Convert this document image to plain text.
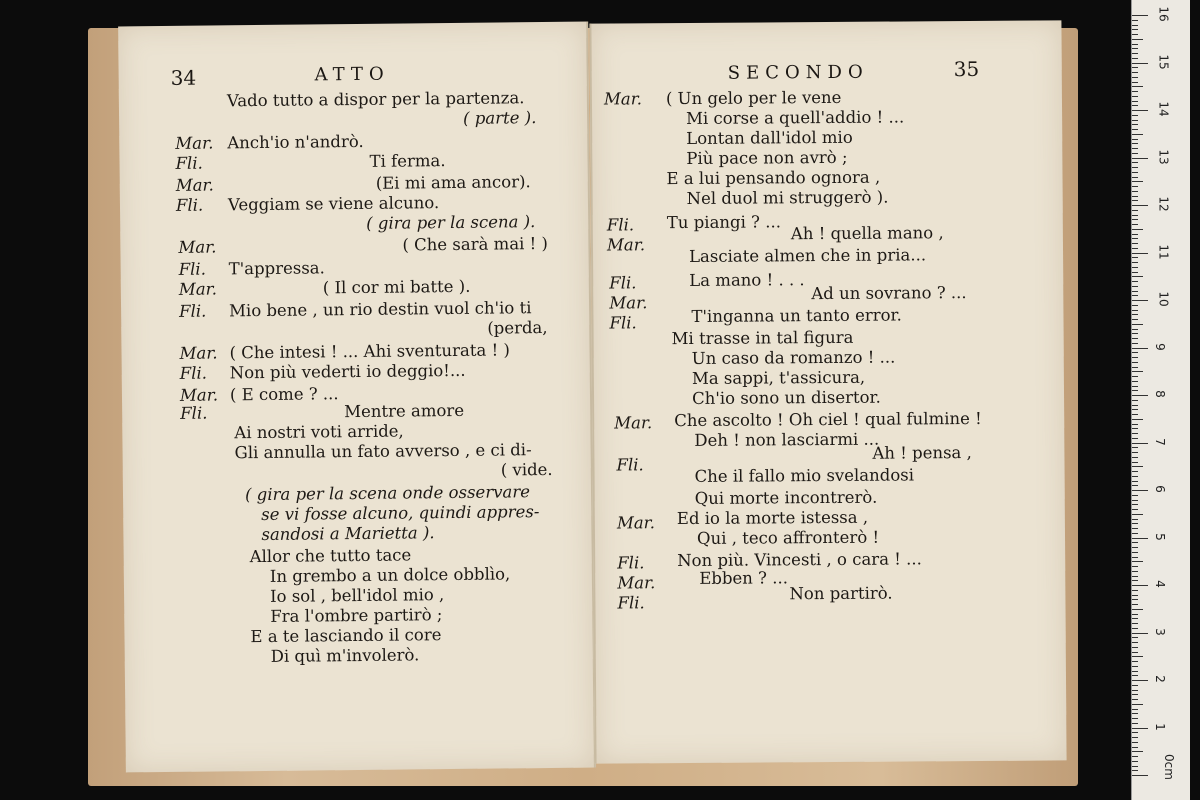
34	ATTO
Vado tutto a dispor per la partenza.
( parte ).
Mar. Anch'io n'andrò.
Fli.	Ti ferma.
Mar.	(Ei mi ama ancor).
Fli. Veggiam se viene alcuno.
( gira per la scena ).
Mar.	( Che sarà mai ! )
Fli. T'appressa.
Mar.	( Il cor mi batte ).
Fli. Mio bene , un rio destin vuol ch'io ti
(perda,
Mar. ( Che intesi ! ... Ahi sventurata ! )
Fli. Non più vederti io deggio!...
Mar. ( E come ? ...
Fli.	Mentre amore
Ai nostri voti arride,
Gli annulla un fato avverso , e ci di-
( vide.
( gira per la scena onde osservare
se vi fosse alcuno, quindi appres-
sandosi a Marietta ).
Allor che tutto tace
In grembo a un dolce obblìo,
Io sol , bell'idol mio ,
Fra l'ombre partirò ;
E a te lasciando il core
Di quì m'involerò.
SECONDO	35
Mar. ( Un gelo per le vene
Mi corse a quell'addio ! ...
Lontan dall'idol mio
Più pace non avrò ;
E a lui pensando ognora ,
Nel duol mi struggerò ).
Fli. Tu piangi ? ...
Mar.
Ah ! quella mano ,
Lasciate almen che in pria...
Fli.	La mano ! . . .
Mar.	Ad un sovrano ? ...
Fli.	T'inganna un tanto error.
Mi trasse in tal figura
Un caso da romanzo ! ...
Ma sappi, t'assicura,
Ch'io sono un disertor.
Mar. Che ascolto ! Oh ciel ! qual fulmine !
Deh ! non lasciarmi ...
Fli.
Ah ! pensa ,
Che il fallo mio svelandosi
Qui morte incontrerò.
Mar. Ed io la morte istessa ,
Qui , teco affronterò !
Fli. Non più. Vincesti , o cara ! ...
Mar.	Ebben ? ...
Fli.	Non partirò.
0cm
1
2
3
4
5
6
7
8
9
10
11
12
13
14
15
16
